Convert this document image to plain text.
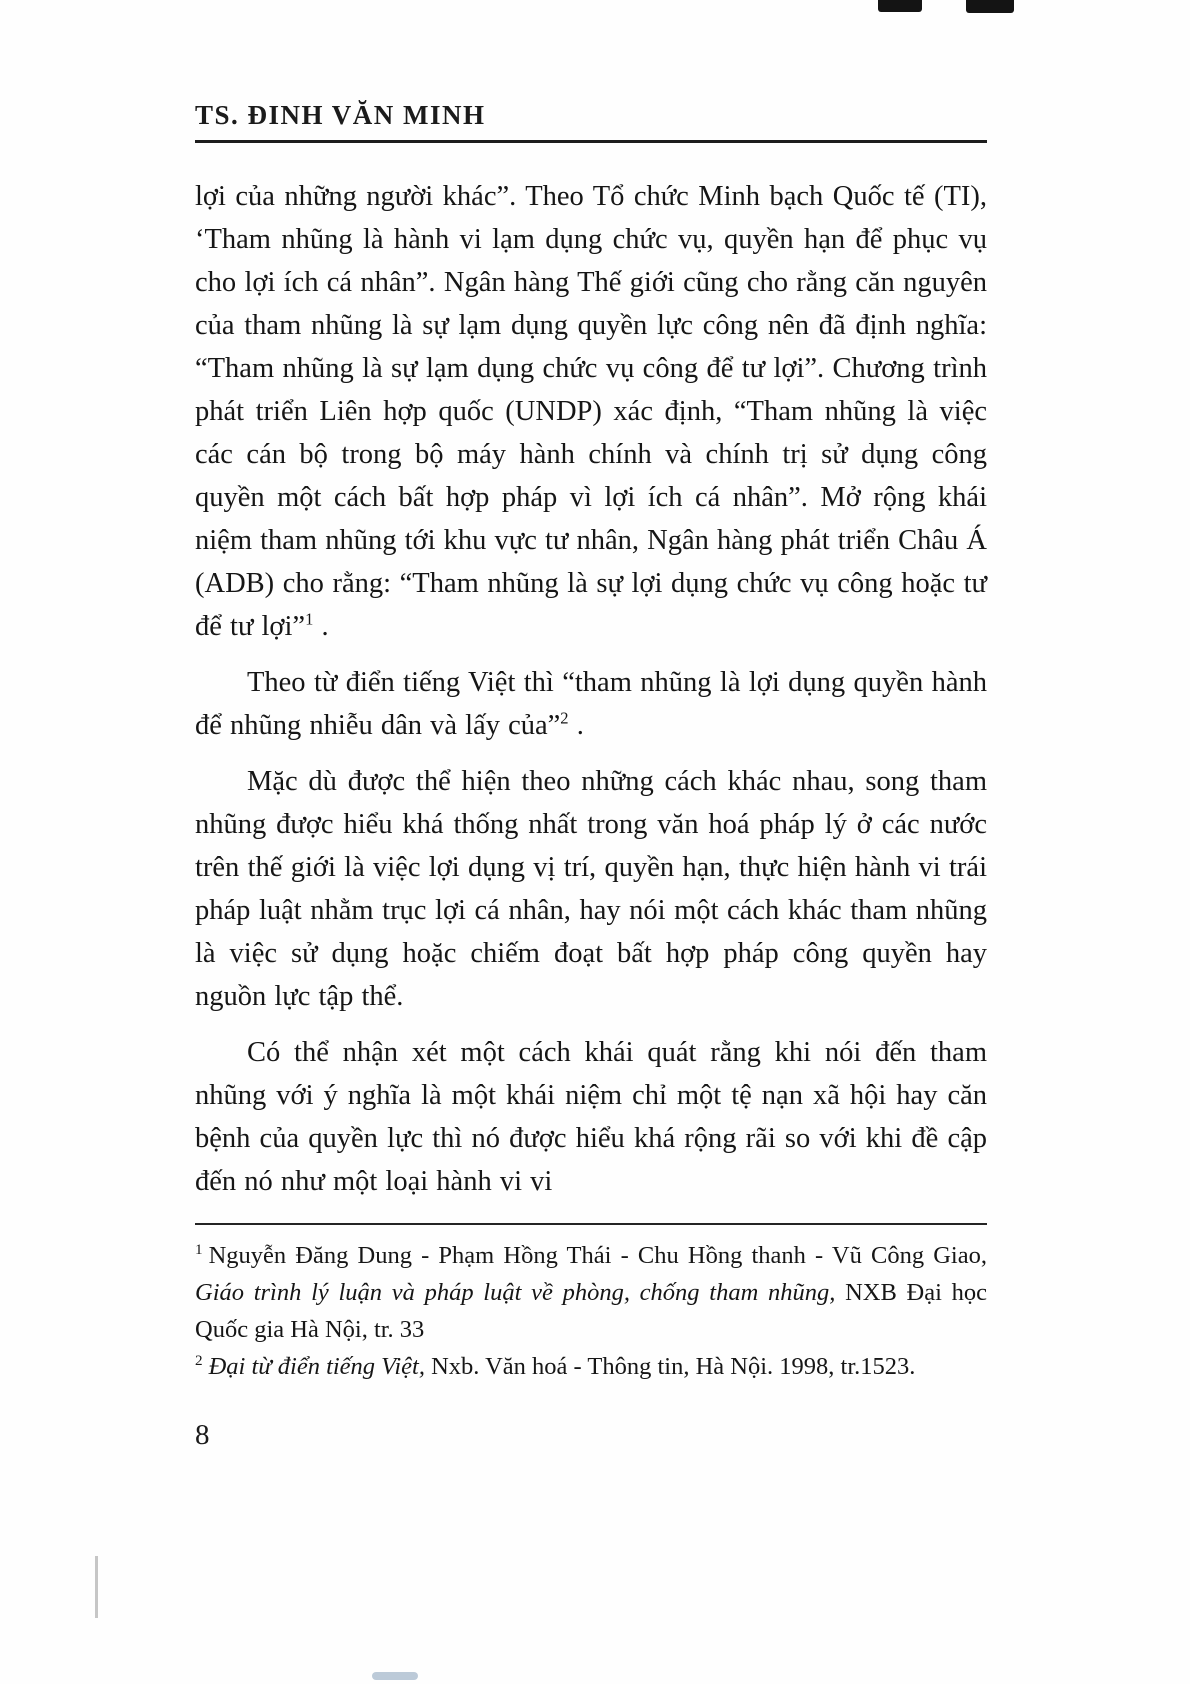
TS. ĐINH VĂN MINH

lợi của những người khác”. Theo Tổ chức Minh bạch Quốc tế (TI), ‘Tham nhũng là hành vi lạm dụng chức vụ, quyền hạn để phục vụ cho lợi ích cá nhân”. Ngân hàng Thế giới cũng cho rằng căn nguyên của tham nhũng là sự lạm dụng quyền lực công nên đã định nghĩa: “Tham nhũng là sự lạm dụng chức vụ công để tư lợi”. Chương trình phát triển Liên hợp quốc (UNDP) xác định, “Tham nhũng là việc các cán bộ trong bộ máy hành chính và chính trị sử dụng công quyền một cách bất hợp pháp vì lợi ích cá nhân”. Mở rộng khái niệm tham nhũng tới khu vực tư nhân, Ngân hàng phát triển Châu Á (ADB) cho rằng: “Tham nhũng là sự lợi dụng chức vụ công hoặc tư để tư lợi”$^1$ .

Theo từ điển tiếng Việt thì “tham nhũng là lợi dụng quyền hành để nhũng nhiễu dân và lấy của”$^2$ .

Mặc dù được thể hiện theo những cách khác nhau, song tham nhũng được hiểu khá thống nhất trong văn hoá pháp lý ở các nước trên thế giới là việc lợi dụng vị trí, quyền hạn, thực hiện hành vi trái pháp luật nhằm trục lợi cá nhân, hay nói một cách khác tham nhũng là việc sử dụng hoặc chiếm đoạt bất hợp pháp công quyền hay nguồn lực tập thể.

Có thể nhận xét một cách khái quát rằng khi nói đến tham nhũng với ý nghĩa là một khái niệm chỉ một tệ nạn xã hội hay căn bệnh của quyền lực thì nó được hiểu khá rộng rãi so với khi đề cập đến nó như một loại hành vi vi

$^1$ Nguyễn Đăng Dung - Phạm Hồng Thái - Chu Hồng thanh - Vũ Công Giao, Giáo trình lý luận và pháp luật về phòng, chống tham nhũng, NXB Đại học Quốc gia Hà Nội, tr. 33

$^2$ Đại từ điển tiếng Việt, Nxb. Văn hoá - Thông tin, Hà Nội. 1998, tr.1523.

8
